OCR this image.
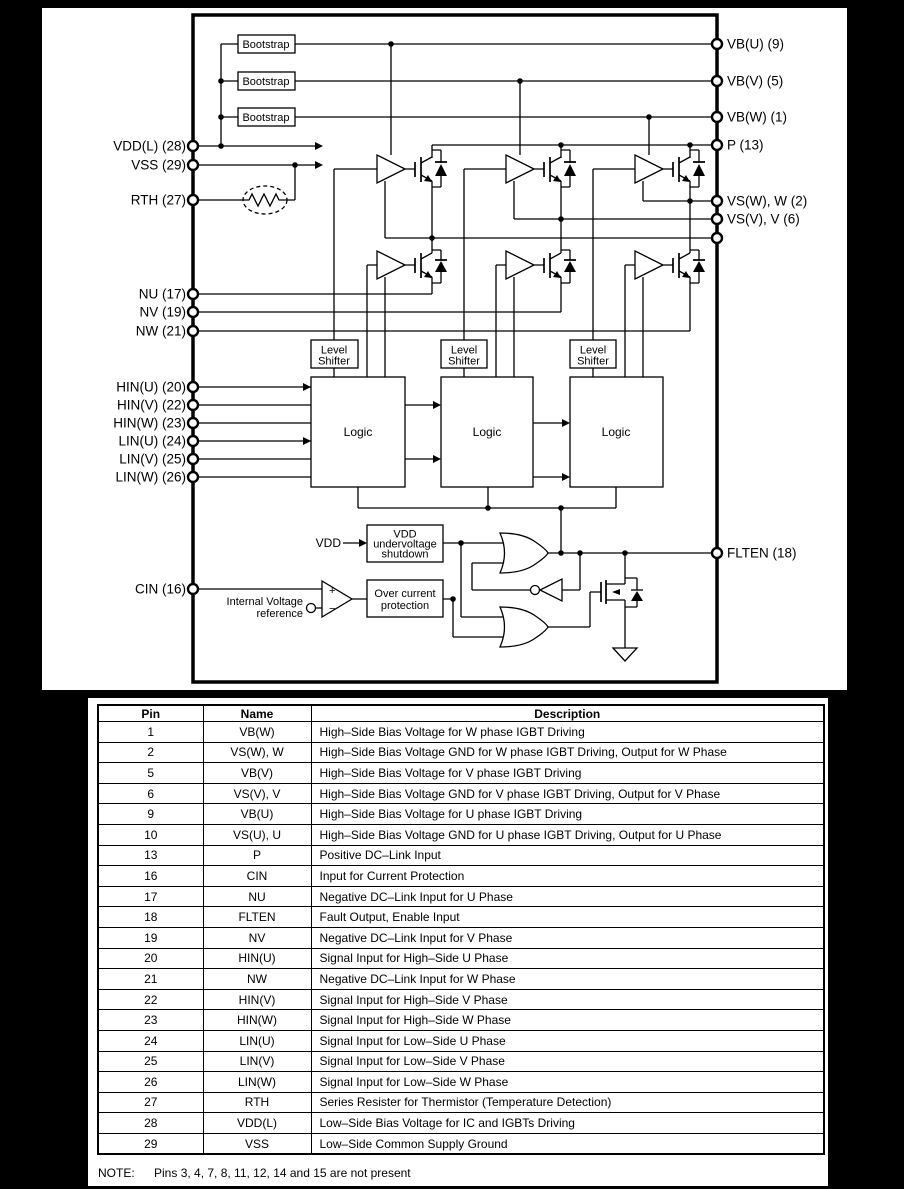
VDD(L) (28)
VSS (29)
RTH (27)
NU (17)
NV (19)
NW (21)
HIN(U) (20)
HIN(V) (22)
HIN(W) (23)
LIN(U) (24)
LIN(V) (25)
LIN(W) (26)
CIN (16)
VB(U) (9)
VB(V) (5)
VB(W) (1)
P (13)
VS(W), W (2)
VS(V), V (6)
FLTEN (18)
Bootstrap
Bootstrap
Bootstrap
Level
Shifter
Level
Shifter
Level
Shifter
Logic	Logic	Logic
VDD
undervoltage
shutdown
VDD
Over current
protection
Internal Voltage
reference
+
−
Pin	Name	Description
1	VB(W)	High–Side Bias Voltage for W phase IGBT Driving
2	VS(W), W	High–Side Bias Voltage GND for W phase IGBT Driving, Output for W Phase
5	VB(V)	High–Side Bias Voltage for V phase IGBT Driving
6	VS(V), V	High–Side Bias Voltage GND for V phase IGBT Driving, Output for V Phase
9	VB(U)	High–Side Bias Voltage for U phase IGBT Driving
10	VS(U), U	High–Side Bias Voltage GND for U phase IGBT Driving, Output for U Phase
13	P	Positive DC–Link Input
16	CIN	Input for Current Protection
17	NU	Negative DC–Link Input for U Phase
18	FLTEN	Fault Output, Enable Input
19	NV	Negative DC–Link Input for V Phase
20	HIN(U)	Signal Input for High–Side U Phase
21	NW	Negative DC–Link Input for W Phase
22	HIN(V)	Signal Input for High–Side V Phase
23	HIN(W)	Signal Input for High–Side W Phase
24	LIN(U)	Signal Input for Low–Side U Phase
25	LIN(V)	Signal Input for Low–Side V Phase
26	LIN(W)	Signal Input for Low–Side W Phase
27	RTH	Series Resister for Thermistor (Temperature Detection)
28	VDD(L)	Low–Side Bias Voltage for IC and IGBTs Driving
29	VSS	Low–Side Common Supply Ground
NOTE: Pins 3, 4, 7, 8, 11, 12, 14 and 15 are not present
